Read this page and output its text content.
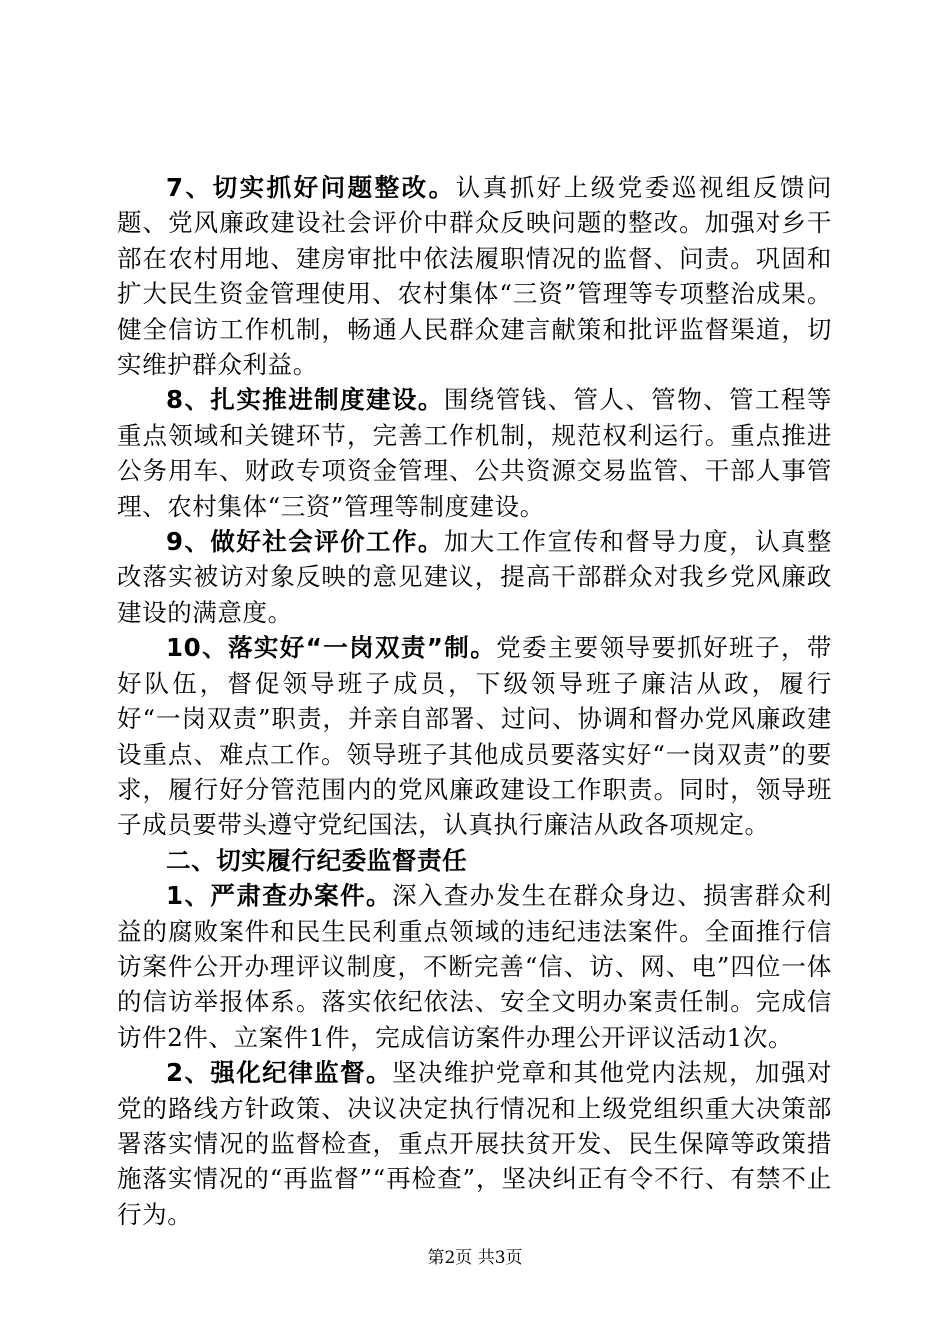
7、切实抓好问题整改。认真抓好上级党委巡视组反馈问题、党风廉政建设社会评价中群众反映问题的整改。加强对乡干部在农村用地、建房审批中依法履职情况的监督、问责。巩固和扩大民生资金管理使用、农村集体“三资”管理等专项整治成果。健全信访工作机制，畅通人民群众建言献策和批评监督渠道，切实维护群众利益。

8、扎实推进制度建设。围绕管钱、管人、管物、管工程等重点领域和关键环节，完善工作机制，规范权利运行。重点推进公务用车、财政专项资金管理、公共资源交易监管、干部人事管理、农村集体“三资”管理等制度建设。

9、做好社会评价工作。加大工作宣传和督导力度，认真整改落实被访对象反映的意见建议，提高干部群众对我乡党风廉政建设的满意度。

10、落实好“一岗双责”制。党委主要领导要抓好班子，带好队伍，督促领导班子成员，下级领导班子廉洁从政，履行好“一岗双责”职责，并亲自部署、过问、协调和督办党风廉政建设重点、难点工作。领导班子其他成员要落实好“一岗双责”的要求，履行好分管范围内的党风廉政建设工作职责。同时，领导班子成员要带头遵守党纪国法，认真执行廉洁从政各项规定。

二、切实履行纪委监督责任

1、严肃查办案件。深入查办发生在群众身边、损害群众利益的腐败案件和民生民利重点领域的违纪违法案件。全面推行信访案件公开办理评议制度，不断完善“信、访、网、电”四位一体的信访举报体系。落实依纪依法、安全文明办案责任制。完成信访件2件、立案件1件，完成信访案件办理公开评议活动1次。

2、强化纪律监督。坚决维护党章和其他党内法规，加强对党的路线方针政策、决议决定执行情况和上级党组织重大决策部署落实情况的监督检查，重点开展扶贫开发、民生保障等政策措施落实情况的“再监督”“再检查”，坚决纠正有令不行、有禁不止行为。

第2页 共3页
